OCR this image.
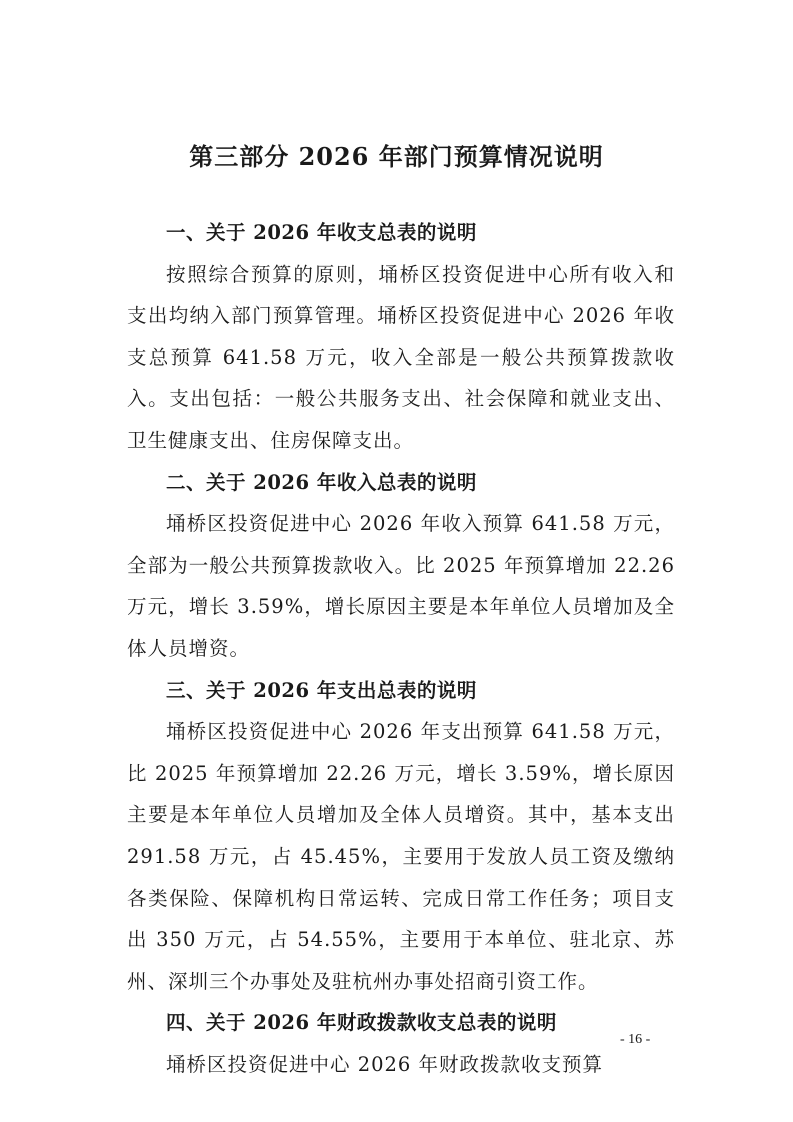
第三部分 2026 年部门预算情况说明
一、关于 2026 年收支总表的说明

按照综合预算的原则，埇桥区投资促进中心所有收入和支出均纳入部门预算管理。埇桥区投资促进中心 2026 年收支总预算 641.58 万元，收入全部是一般公共预算拨款收入。支出包括：一般公共服务支出、社会保障和就业支出、卫生健康支出、住房保障支出。

二、关于 2026 年收入总表的说明

埇桥区投资促进中心 2026 年收入预算 641.58 万元，全部为一般公共预算拨款收入。比 2025 年预算增加 22.26 万元，增长 3.59%，增长原因主要是本年单位人员增加及全体人员增资。

三、关于 2026 年支出总表的说明

埇桥区投资促进中心 2026 年支出预算 641.58 万元，比 2025 年预算增加 22.26 万元，增长 3.59%，增长原因主要是本年单位人员增加及全体人员增资。其中，基本支出 291.58 万元，占 45.45%，主要用于发放人员工资及缴纳各类保险、保障机构日常运转、完成日常工作任务；项目支出 350 万元，占 54.55%，主要用于本单位、驻北京、苏州、深圳三个办事处及驻杭州办事处招商引资工作。

四、关于 2026 年财政拨款收支总表的说明

埇桥区投资促进中心 2026 年财政拨款收支预算

- 16 -
